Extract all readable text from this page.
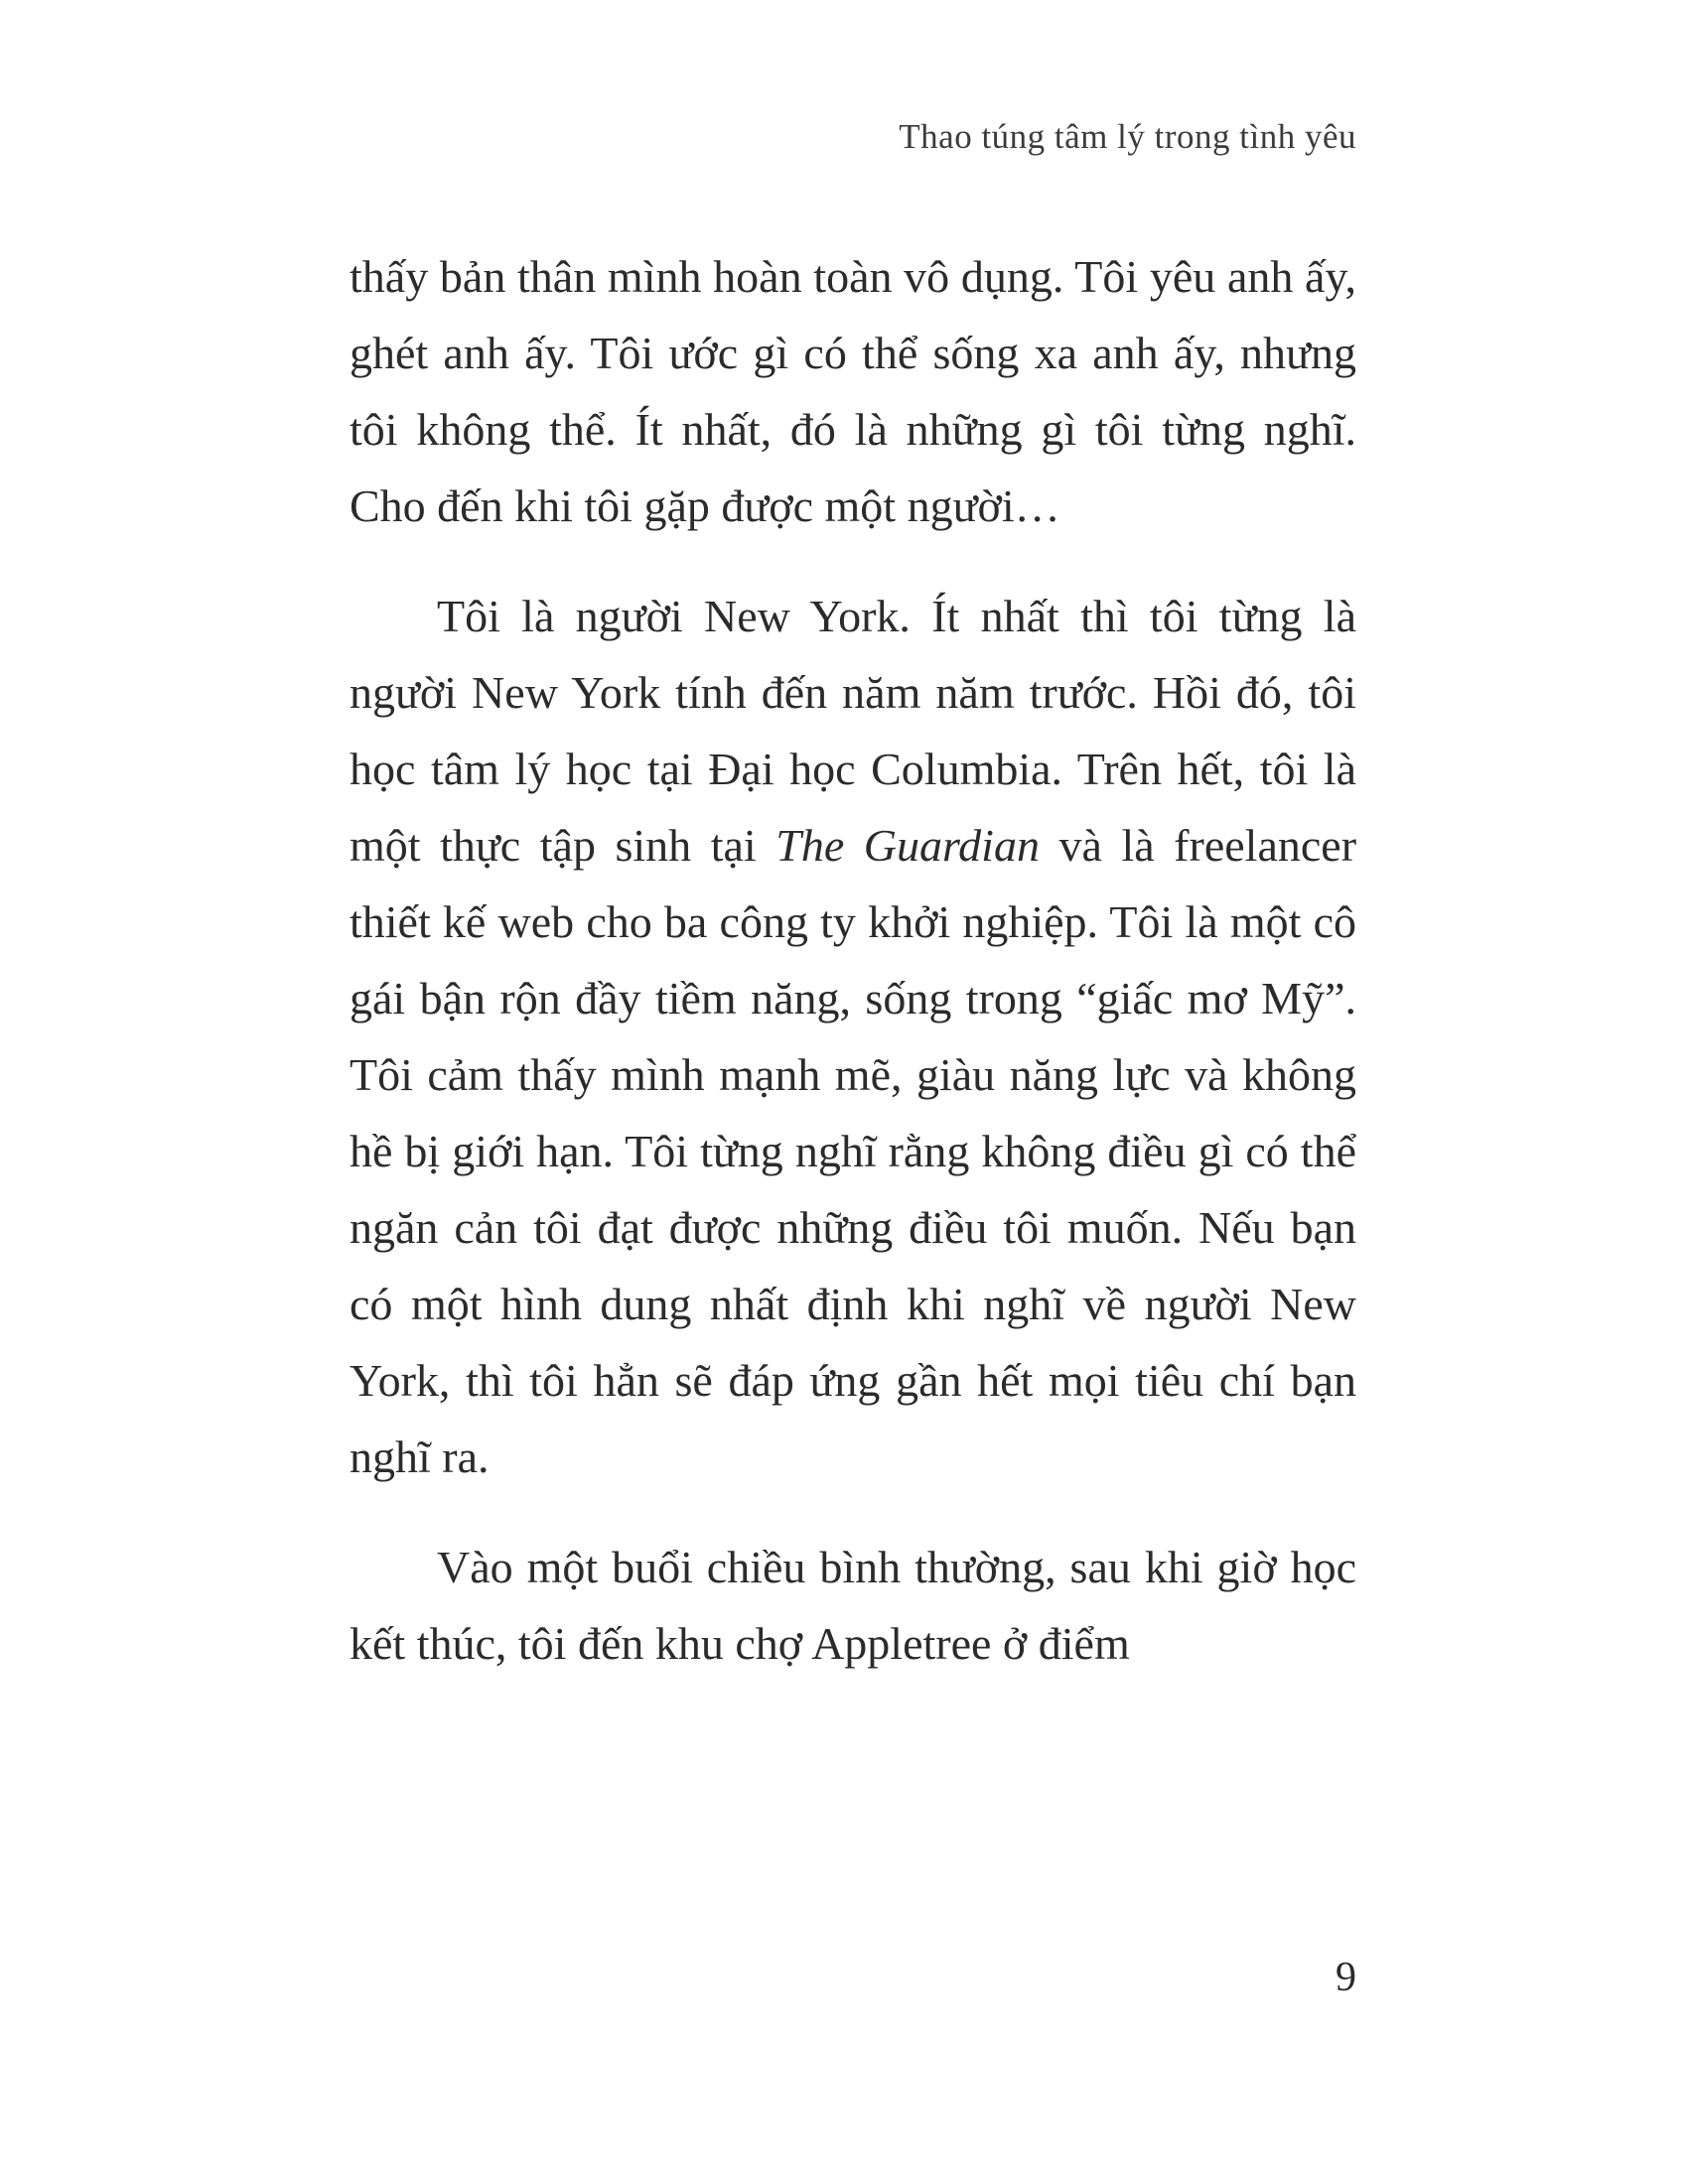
Thao túng tâm lý trong tình yêu

thấy bản thân mình hoàn toàn vô dụng. Tôi yêu anh ấy, ghét anh ấy. Tôi ước gì có thể sống xa anh ấy, nhưng tôi không thể. Ít nhất, đó là những gì tôi từng nghĩ. Cho đến khi tôi gặp được một người…

Tôi là người New York. Ít nhất thì tôi từng là người New York tính đến năm năm trước. Hồi đó, tôi học tâm lý học tại Đại học Columbia. Trên hết, tôi là một thực tập sinh tại The Guardian và là freelancer thiết kế web cho ba công ty khởi nghiệp. Tôi là một cô gái bận rộn đầy tiềm năng, sống trong “giấc mơ Mỹ”. Tôi cảm thấy mình mạnh mẽ, giàu năng lực và không hề bị giới hạn. Tôi từng nghĩ rằng không điều gì có thể ngăn cản tôi đạt được những điều tôi muốn. Nếu bạn có một hình dung nhất định khi nghĩ về người New York, thì tôi hẳn sẽ đáp ứng gần hết mọi tiêu chí bạn nghĩ ra.

Vào một buổi chiều bình thường, sau khi giờ học kết thúc, tôi đến khu chợ Appletree ở điểm

9
